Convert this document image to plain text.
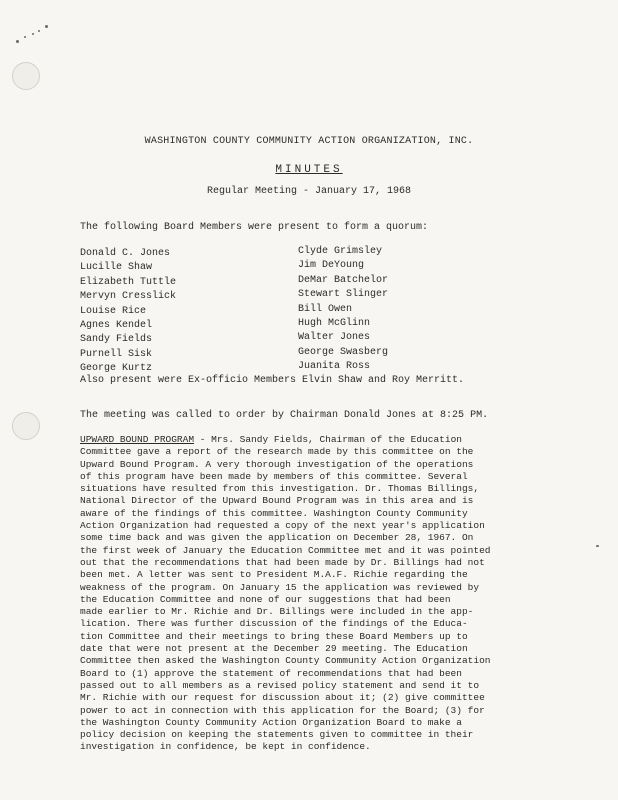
WASHINGTON COUNTY COMMUNITY ACTION ORGANIZATION, INC.
MINUTES
Regular Meeting - January 17, 1968
The following Board Members were present to form a quorum:
Donald C. Jones
Lucille Shaw
Elizabeth Tuttle
Mervyn Cresslick
Louise Rice
Agnes Kendel
Sandy Fields
Purnell Sisk
George Kurtz
Clyde Grimsley
Jim DeYoung
DeMar Batchelor
Stewart Slinger
Bill Owen
Hugh McGlinn
Walter Jones
George Swasberg
Juanita Ross
Also present were Ex-officio Members Elvin Shaw and Roy Merritt.
The meeting was called to order by Chairman Donald Jones at 8:25 PM.
UPWARD BOUND PROGRAM - Mrs. Sandy Fields, Chairman of the Education
Committee gave a report of the research made by this committee on the
Upward Bound Program. A very thorough investigation of the operations
of this program have been made by members of this committee. Several
situations have resulted from this investigation. Dr. Thomas Billings,
National Director of the Upward Bound Program was in this area and is
aware of the findings of this committee. Washington County Community
Action Organization had requested a copy of the next year's application
some time back and was given the application on December 28, 1967. On
the first week of January the Education Committee met and it was pointed
out that the recommendations that had been made by Dr. Billings had not
been met. A letter was sent to President M.A.F. Richie regarding the
weakness of the program. On January 15 the application was reviewed by
the Education Committee and none of our suggestions that had been
made earlier to Mr. Richie and Dr. Billings were included in the app-
lication. There was further discussion of the findings of the Educa-
tion Committee and their meetings to bring these Board Members up to
date that were not present at the December 29 meeting. The Education
Committee then asked the Washington County Community Action Organization
Board to (1) approve the statement of recommendations that had been
passed out to all members as a revised policy statement and send it to
Mr. Richie with our request for discussion about it; (2) give committee
power to act in connection with this application for the Board; (3) for
the Washington County Community Action Organization Board to make a
policy decision on keeping the statements given to committee in their
investigation in confidence, be kept in confidence.
